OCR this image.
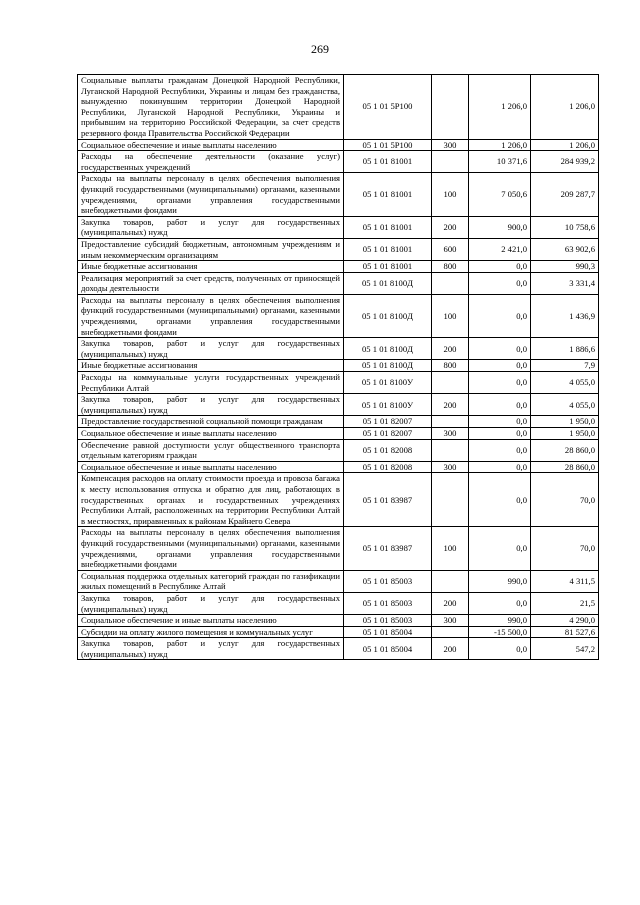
269
Социальные выплаты гражданам Донецкой Народной Республики, Луганской Народной Республики, Украины и лицам без гражданства, вынужденно покинувшим территории Донецкой Народной Республики, Луганской Народной Республики, Украины и прибывшим на территорию Российской Федерации, за счет средств резервного фонда Правительства Российской Федерации	05 1 01 5Р100		1 206,0	1 206,0
Социальное обеспечение и иные выплаты населению	05 1 01 5Р100	300	1 206,0	1 206,0
Расходы на обеспечение деятельности (оказание услуг) государственных учреждений	05 1 01 81001		10 371,6	284 939,2
Расходы на выплаты персоналу в целях обеспечения выполнения функций государственными (муниципальными) органами, казенными учреждениями, органами управления государственными внебюджетными фондами	05 1 01 81001	100	7 050,6	209 287,7
Закупка товаров, работ и услуг для государственных (муниципальных) нужд	05 1 01 81001	200	900,0	10 758,6
Предоставление субсидий бюджетным, автономным учреждениям и иным некоммерческим организациям	05 1 01 81001	600	2 421,0	63 902,6
Иные бюджетные ассигнования	05 1 01 81001	800	0,0	990,3
Реализация мероприятий за счет средств, полученных от приносящей доходы деятельности	05 1 01 8100Д		0,0	3 331,4
Расходы на выплаты персоналу в целях обеспечения выполнения функций государственными (муниципальными) органами, казенными учреждениями, органами управления государственными внебюджетными фондами	05 1 01 8100Д	100	0,0	1 436,9
Закупка товаров, работ и услуг для государственных (муниципальных) нужд	05 1 01 8100Д	200	0,0	1 886,6
Иные бюджетные ассигнования	05 1 01 8100Д	800	0,0	7,9
Расходы на коммунальные услуги государственных учреждений Республики Алтай	05 1 01 8100У		0,0	4 055,0
Закупка товаров, работ и услуг для государственных (муниципальных) нужд	05 1 01 8100У	200	0,0	4 055,0
Предоставление государственной социальной помощи гражданам	05 1 01 82007		0,0	1 950,0
Социальное обеспечение и иные выплаты населению	05 1 01 82007	300	0,0	1 950,0
Обеспечение равной доступности услуг общественного транспорта отдельным категориям граждан	05 1 01 82008		0,0	28 860,0
Социальное обеспечение и иные выплаты населению	05 1 01 82008	300	0,0	28 860,0
Компенсация расходов на оплату стоимости проезда и провоза багажа к месту использования отпуска и обратно для лиц, работающих в государственных органах и государственных учреждениях Республики Алтай, расположенных на территории Республики Алтай в местностях, приравненных к районам Крайнего Севера	05 1 01 83987		0,0	70,0
Расходы на выплаты персоналу в целях обеспечения выполнения функций государственными (муниципальными) органами, казенными учреждениями, органами управления государственными внебюджетными фондами	05 1 01 83987	100	0,0	70,0
Социальная поддержка отдельных категорий граждан по газификации жилых помещений в Республике Алтай	05 1 01 85003		990,0	4 311,5
Закупка товаров, работ и услуг для государственных (муниципальных) нужд	05 1 01 85003	200	0,0	21,5
Социальное обеспечение и иные выплаты населению	05 1 01 85003	300	990,0	4 290,0
Субсидии на оплату жилого помещения и коммунальных услуг	05 1 01 85004		-15 500,0	81 527,6
Закупка товаров, работ и услуг для государственных (муниципальных) нужд	05 1 01 85004	200	0,0	547,2
